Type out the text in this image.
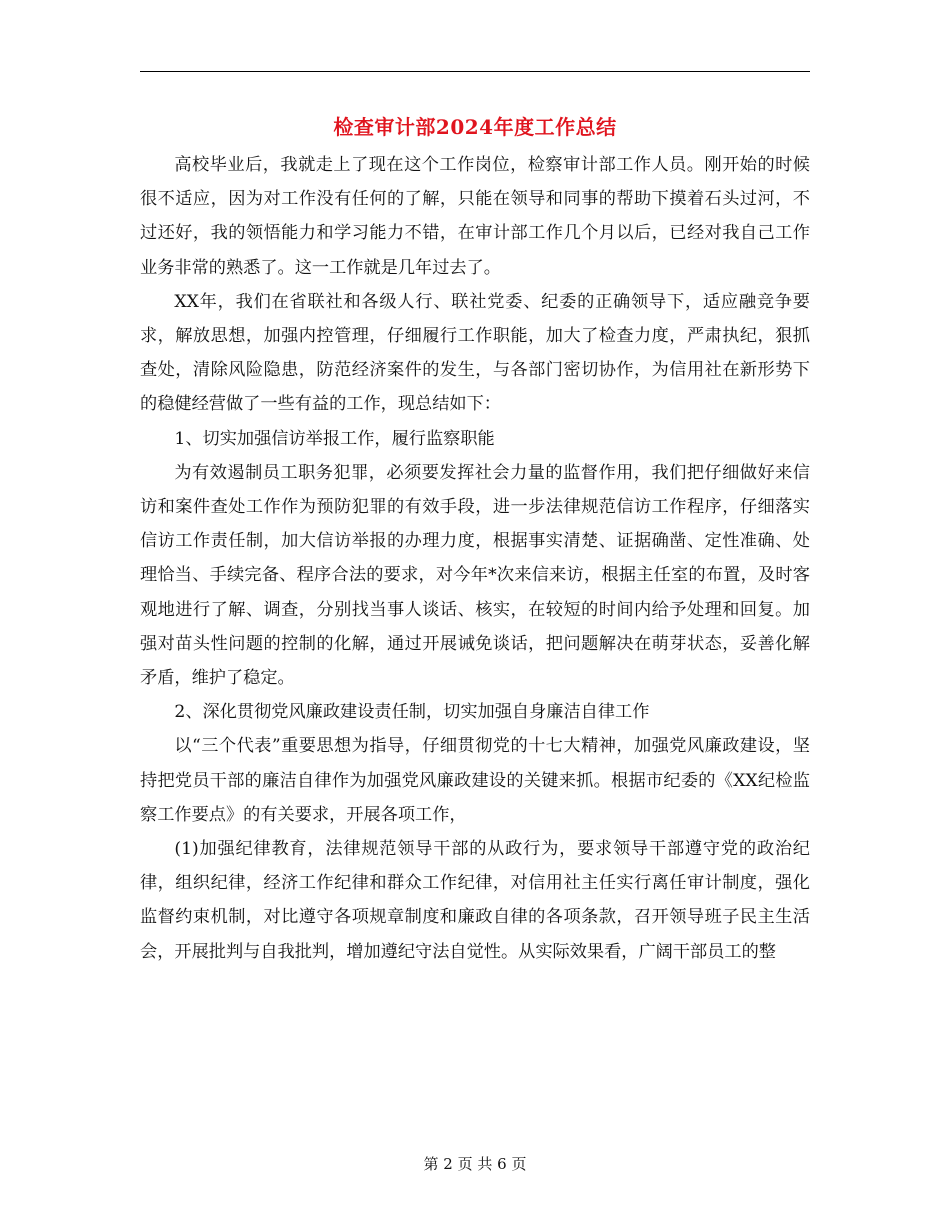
检查审计部2024年度工作总结

高校毕业后，我就走上了现在这个工作岗位，检察审计部工作人员。刚开始的时候很不适应，因为对工作没有任何的了解，只能在领导和同事的帮助下摸着石头过河，不过还好，我的领悟能力和学习能力不错，在审计部工作几个月以后，已经对我自己工作业务非常的熟悉了。这一工作就是几年过去了。

XX年，我们在省联社和各级人行、联社党委、纪委的正确领导下，适应融竞争要求，解放思想，加强内控管理，仔细履行工作职能，加大了检查力度，严肃执纪，狠抓查处，清除风险隐患，防范经济案件的发生，与各部门密切协作，为信用社在新形势下的稳健经营做了一些有益的工作，现总结如下：

1、切实加强信访举报工作，履行监察职能

为有效遏制员工职务犯罪，必须要发挥社会力量的监督作用，我们把仔细做好来信访和案件查处工作作为预防犯罪的有效手段，进一步法律规范信访工作程序，仔细落实信访工作责任制，加大信访举报的办理力度，根据事实清楚、证据确凿、定性准确、处理恰当、手续完备、程序合法的要求，对今年*次来信来访，根据主任室的布置，及时客观地进行了解、调查，分别找当事人谈话、核实，在较短的时间内给予处理和回复。加强对苗头性问题的控制的化解，通过开展诫免谈话，把问题解决在萌芽状态，妥善化解矛盾，维护了稳定。

2、深化贯彻党风廉政建设责任制，切实加强自身廉洁自律工作

以“三个代表”重要思想为指导，仔细贯彻党的十七大精神，加强党风廉政建设，坚持把党员干部的廉洁自律作为加强党风廉政建设的关键来抓。根据市纪委的《XX纪检监察工作要点》的有关要求，开展各项工作，

(1)加强纪律教育，法律规范领导干部的从政行为，要求领导干部遵守党的政治纪律，组织纪律，经济工作纪律和群众工作纪律，对信用社主任实行离任审计制度，强化监督约束机制，对比遵守各项规章制度和廉政自律的各项条款，召开领导班子民主生活会，开展批判与自我批判，增加遵纪守法自觉性。从实际效果看，广阔干部员工的整

第 2 页 共 6 页
